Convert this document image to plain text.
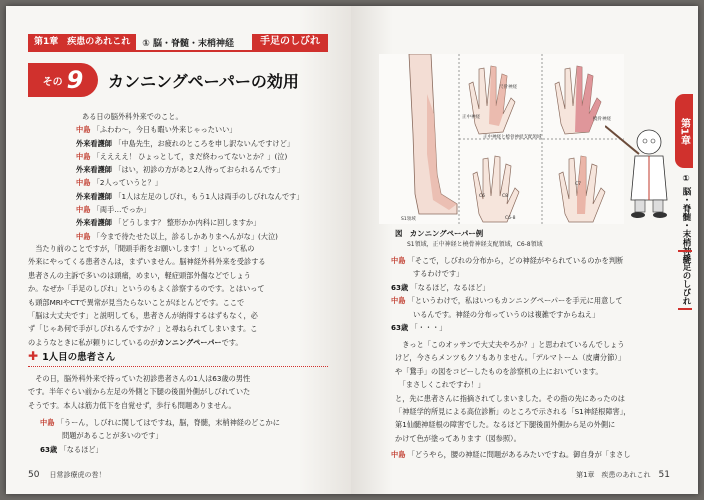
第1章　疾患のあれこれ	① 脳・脊髄・末梢神経	手足のしびれ
その 9 カンニングペーパーの効用
ある日の脳外科外来でのこと。
中島 「ふわわ～，今日も暇い外来じゃったいい」
外来看護師 「中島先生，お疲れのところを申し訳ないんですけど」
中島 「ええええ！ ひょっとして，まだ終わってないとか？」(泣)
外来看護師 「はい，初診の方があと2人待っておられるんです」
中島 「2人っていうと？」
外来看護師 「1人は左足のしびれ，もう1人は両手のしびれなんです」
中島 「両手…でっか」
外来看護師 「どうします？ 整形かか内科に回しますか」
中島 「今まで待たせた以上，診るしかありまへんがな」(大泣)
　当たり前のことですが，「間頭手術をお願いします！」といって私の
外来にやってくる患者さんは，まずいません。脳神経外科外来を受診する
患者さんの主訴で多いのは頭痛，めまい，軽症頭部外傷などでしょう
か。なぜか「手足のしびれ」というのもよく診察するのです。とはいって
も頭部MRIやCTで異常が見当たらないことがほとんどです。ここで
「脳は大丈夫です」と説明しても，患者さんが納得するはずもなく，必
ず「じゃあ何で手がしびれるんですか？」と尋ねられてしまいます。こ
のようなときに私が頼りにしているのがカンニングペーパーです。
✚ 1人目の患者さん
　その日，脳外科外来で持っていた初診患者さんの1人は63歳の男性
です。半年ぐらい前から左足の外側と下腿の後面外側がしびれていた
そうです。本人は筋力低下を自覚せず，歩行も問題ありません。
中島 「うーん，しびれに関してはですね，脳，脊髄，末梢神経のどこかに
問題があることが多いのです」
63歳 「なるほど」
50 日常診療虎の巻！
S1領域
正中神経と橈骨神経支配領域
C6-8
尺骨神経
正中神経	橈骨神経
C6
C7
C8
図　カンニングペーパー例
S1領域，正中神経と橈骨神経支配領域，C6-8領域
中島 「そこで，しびれの分布から，どの神経がやられているのかを判断
するわけです」
63歳 「なるほど，なるほど」
中島 「というわけで，私はいつもカンニングペーパーを手元に用意して
いるんです。神経の分布っていうのは複雑ですからねえ」
63歳 「・・・」
　きっと「このオッサンで大丈夫やろか？」と思われているんでしょう
けど，今さらメンツもクソもありません。「デルマトーム（皮膚分節）」
や「鵞手」の図をコピーしたものを診察机の上においています。
　「まさしくこれですわ！」
と，先に患者さんに指摘されてしまいました。その指の先にあったのは
「神経学的所見による高位診断」のところで示される「S1神経根障害」，
第1仙髄神経根の障害でした。なるほど下腿後面外側から足の外側に
かけて色が塗ってあります（図参照）。
中島 「どうやら，腰の神経に問題があるみたいですね。御自身が「まさし
第1章
① 脳・脊髄・末梢神経
手足のしびれ
第1章　疾患のあれこれ 51
